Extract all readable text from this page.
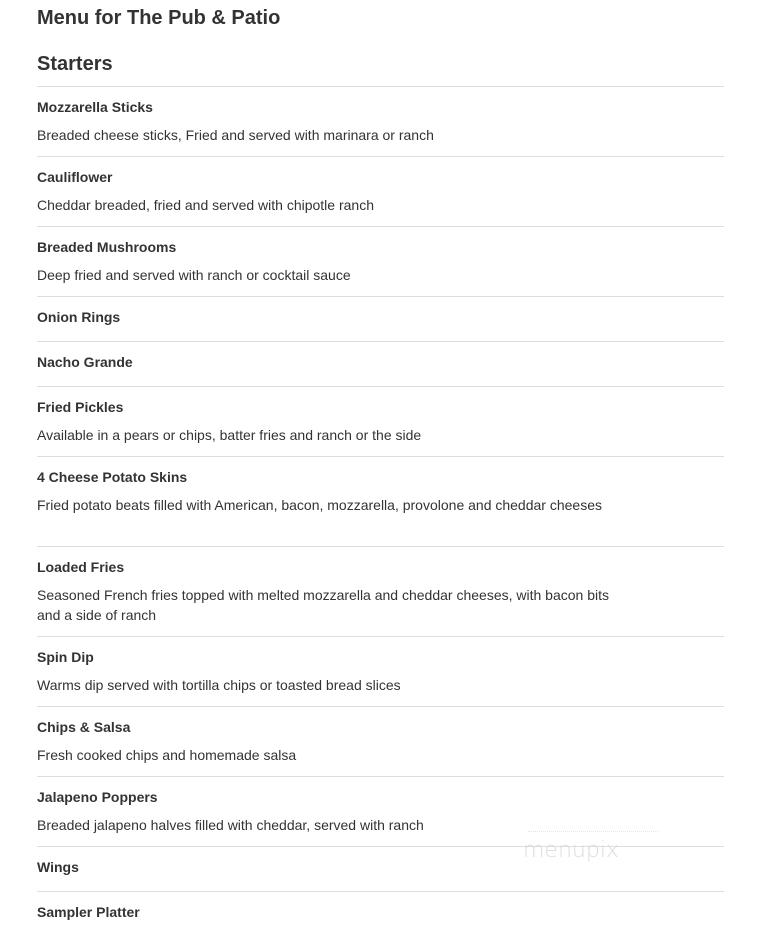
Menu for The Pub & Patio
Starters
Mozzarella Sticks
Breaded cheese sticks, Fried and served with marinara or ranch
Cauliflower
Cheddar breaded, fried and served with chipotle ranch
Breaded Mushrooms
Deep fried and served with ranch or cocktail sauce
Onion Rings
Nacho Grande
Fried Pickles
Available in a pears or chips, batter fries and ranch or the side
4 Cheese Potato Skins
Fried potato beats filled with American, bacon, mozzarella, provolone and cheddar cheeses
Loaded Fries
Seasoned French fries topped with melted mozzarella and cheddar cheeses, with bacon bits and a side of ranch
Spin Dip
Warms dip served with tortilla chips or toasted bread slices
Chips & Salsa
Fresh cooked chips and homemade salsa
Jalapeno Poppers
Breaded jalapeno halves filled with cheddar, served with ranch
Wings
Sampler Platter
menupix
